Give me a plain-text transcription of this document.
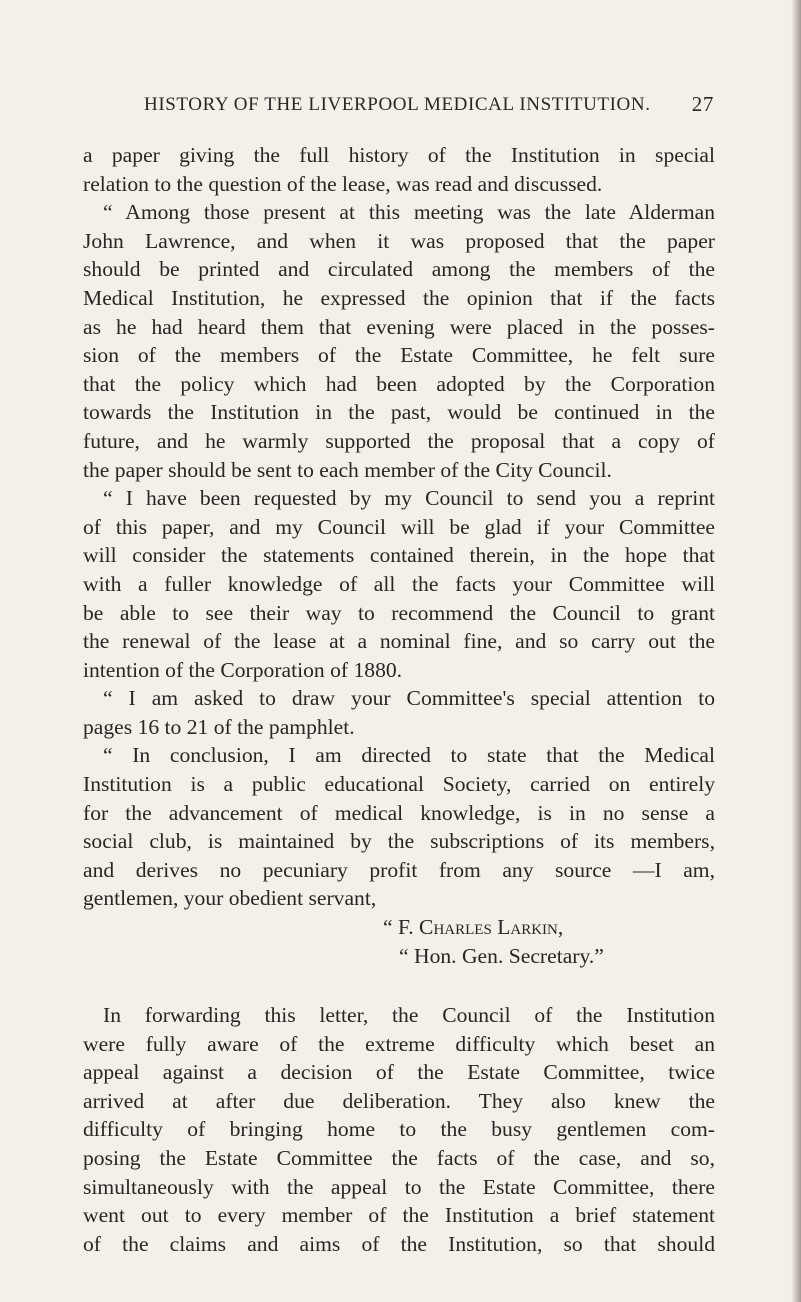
HISTORY OF THE LIVERPOOL MEDICAL INSTITUTION. 27
a paper giving the full history of the Institution in special
relation to the question of the lease, was read and discussed.
“ Among those present at this meeting was the late Alderman
John Lawrence, and when it was proposed that the paper
should be printed and circulated among the members of the
Medical Institution, he expressed the opinion that if the facts
as he had heard them that evening were placed in the posses-
sion of the members of the Estate Committee, he felt sure
that the policy which had been adopted by the Corporation
towards the Institution in the past, would be continued in the
future, and he warmly supported the proposal that a copy of
the paper should be sent to each member of the City Council.
“ I have been requested by my Council to send you a reprint
of this paper, and my Council will be glad if your Committee
will consider the statements contained therein, in the hope that
with a fuller knowledge of all the facts your Committee will
be able to see their way to recommend the Council to grant
the renewal of the lease at a nominal fine, and so carry out the
intention of the Corporation of 1880.
“ I am asked to draw your Committee's special attention to
pages 16 to 21 of the pamphlet.
“ In conclusion, I am directed to state that the Medical
Institution is a public educational Society, carried on entirely
for the advancement of medical knowledge, is in no sense a
social club, is maintained by the subscriptions of its members,
and derives no pecuniary profit from any source —I am,
gentlemen, your obedient servant,
“ F. Charles Larkin,
“ Hon. Gen. Secretary.”
In forwarding this letter, the Council of the Institution
were fully aware of the extreme difficulty which beset an
appeal against a decision of the Estate Committee, twice
arrived at after due deliberation. They also knew the
difficulty of bringing home to the busy gentlemen com-
posing the Estate Committee the facts of the case, and so,
simultaneously with the appeal to the Estate Committee, there
went out to every member of the Institution a brief statement
of the claims and aims of the Institution, so that should
